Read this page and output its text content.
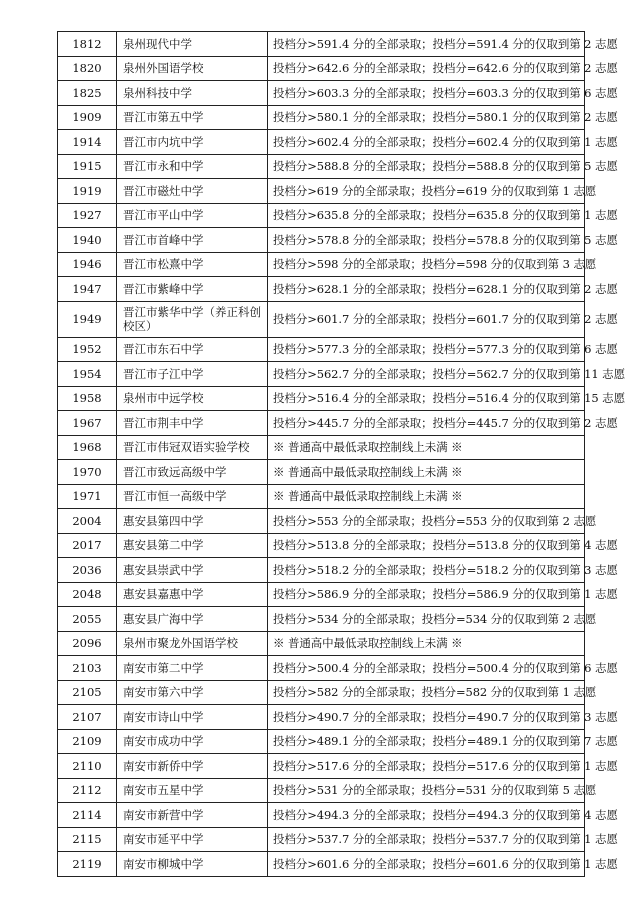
1812	泉州现代中学	投档分>591.4 分的全部录取；投档分=591.4 分的仅取到第 2 志愿
1820	泉州外国语学校	投档分>642.6 分的全部录取；投档分=642.6 分的仅取到第 2 志愿
1825	泉州科技中学	投档分>603.3 分的全部录取；投档分=603.3 分的仅取到第 6 志愿
1909	晋江市第五中学	投档分>580.1 分的全部录取；投档分=580.1 分的仅取到第 2 志愿
1914	晋江市内坑中学	投档分>602.4 分的全部录取；投档分=602.4 分的仅取到第 1 志愿
1915	晋江市永和中学	投档分>588.8 分的全部录取；投档分=588.8 分的仅取到第 5 志愿
1919	晋江市磁灶中学	投档分>619 分的全部录取；投档分=619 分的仅取到第 1 志愿
1927	晋江市平山中学	投档分>635.8 分的全部录取；投档分=635.8 分的仅取到第 1 志愿
1940	晋江市首峰中学	投档分>578.8 分的全部录取；投档分=578.8 分的仅取到第 5 志愿
1946	晋江市松熹中学	投档分>598 分的全部录取；投档分=598 分的仅取到第 3 志愿
1947	晋江市紫峰中学	投档分>628.1 分的全部录取；投档分=628.1 分的仅取到第 2 志愿
1949	晋江市紫华中学（养正科创校区）	投档分>601.7 分的全部录取；投档分=601.7 分的仅取到第 2 志愿
1952	晋江市东石中学	投档分>577.3 分的全部录取；投档分=577.3 分的仅取到第 6 志愿
1954	晋江市子江中学	投档分>562.7 分的全部录取；投档分=562.7 分的仅取到第 11 志愿
1958	泉州市中远学校	投档分>516.4 分的全部录取；投档分=516.4 分的仅取到第 15 志愿
1967	晋江市荆丰中学	投档分>445.7 分的全部录取；投档分=445.7 分的仅取到第 2 志愿
1968	晋江市伟冠双语实验学校	※ 普通高中最低录取控制线上未满 ※
1970	晋江市致远高级中学	※ 普通高中最低录取控制线上未满 ※
1971	晋江市恒一高级中学	※ 普通高中最低录取控制线上未满 ※
2004	惠安县第四中学	投档分>553 分的全部录取；投档分=553 分的仅取到第 2 志愿
2017	惠安县第二中学	投档分>513.8 分的全部录取；投档分=513.8 分的仅取到第 4 志愿
2036	惠安县崇武中学	投档分>518.2 分的全部录取；投档分=518.2 分的仅取到第 3 志愿
2048	惠安县嘉惠中学	投档分>586.9 分的全部录取；投档分=586.9 分的仅取到第 1 志愿
2055	惠安县广海中学	投档分>534 分的全部录取；投档分=534 分的仅取到第 2 志愿
2096	泉州市聚龙外国语学校	※ 普通高中最低录取控制线上未满 ※
2103	南安市第二中学	投档分>500.4 分的全部录取；投档分=500.4 分的仅取到第 6 志愿
2105	南安市第六中学	投档分>582 分的全部录取；投档分=582 分的仅取到第 1 志愿
2107	南安市诗山中学	投档分>490.7 分的全部录取；投档分=490.7 分的仅取到第 3 志愿
2109	南安市成功中学	投档分>489.1 分的全部录取；投档分=489.1 分的仅取到第 7 志愿
2110	南安市新侨中学	投档分>517.6 分的全部录取；投档分=517.6 分的仅取到第 1 志愿
2112	南安市五星中学	投档分>531 分的全部录取；投档分=531 分的仅取到第 5 志愿
2114	南安市新营中学	投档分>494.3 分的全部录取；投档分=494.3 分的仅取到第 4 志愿
2115	南安市延平中学	投档分>537.7 分的全部录取；投档分=537.7 分的仅取到第 1 志愿
2119	南安市柳城中学	投档分>601.6 分的全部录取；投档分=601.6 分的仅取到第 1 志愿
